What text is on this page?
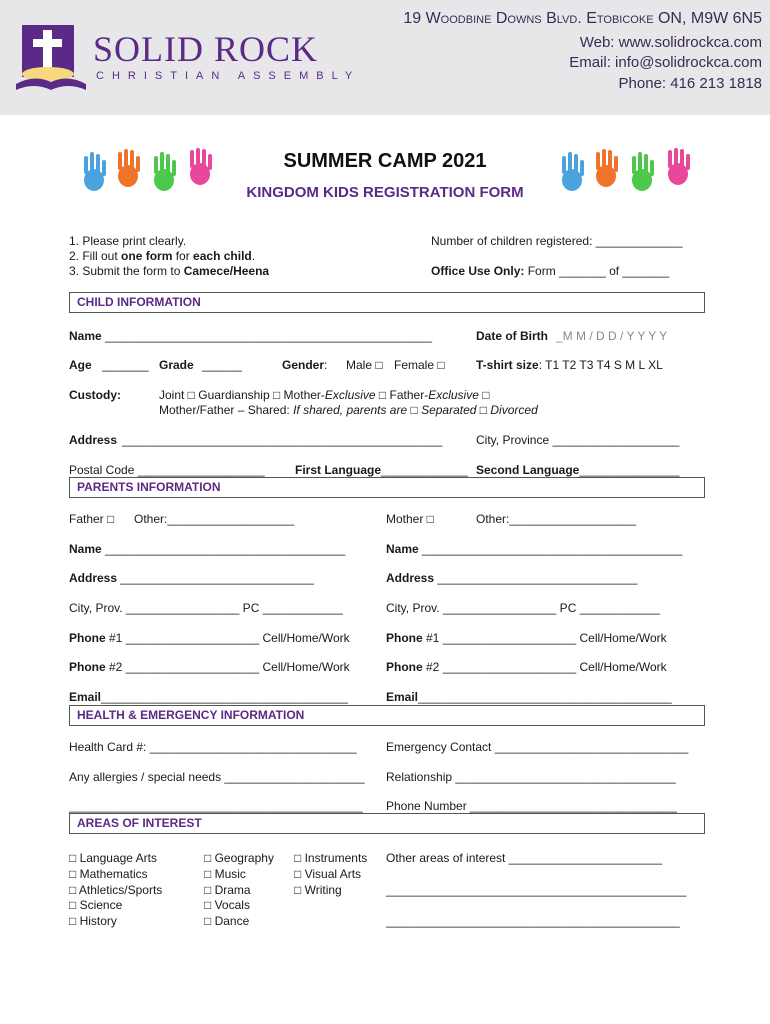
SOLID ROCK
CHRISTIAN ASSEMBLY
19 Woodbine Downs Blvd. Etobicoke ON, M9W 6N5
Web: www.solidrockca.com
Email: info@solidrockca.com
Phone: 416 213 1818
SUMMER CAMP 2021
KINGDOM KIDS REGISTRATION FORM
1. Please print clearly.
2. Fill out one form for each child.
3. Submit the form to Camece/Heena
Number of children registered: _____________
Office Use Only: Form _______ of _______
CHILD INFORMATION
Name _________________________________________________	Date of Birth _M M / D D / Y Y Y Y
Age _______ Grade ______	Gender: Male □ Female □	T-shirt size: T1 T2 T3 T4 S M L XL
Custody:	Joint □ Guardianship □ Mother-Exclusive □ Father-Exclusive □
Mother/Father – Shared: If shared, parents are □ Separated □ Divorced
Address ________________________________________________	City, Province ___________________
Postal Code ___________________	First Language_____________ Second Language_______________
PARENTS INFORMATION
Father □ Other:___________________	Mother □	Other:___________________
Name ____________________________________	Name _______________________________________
Address _____________________________	Address ______________________________
City, Prov. _________________ PC ____________	City, Prov. _________________ PC ____________
Phone #1 ____________________ Cell/Home/Work	Phone #1 ____________________ Cell/Home/Work
Phone #2 ____________________ Cell/Home/Work	Phone #2 ____________________ Cell/Home/Work
Email_____________________________________	Email______________________________________
HEALTH & EMERGENCY INFORMATION
Health Card #: _______________________________ Emergency Contact _____________________________
Any allergies / special needs _____________________ Relationship _________________________________
____________________________________________ Phone Number _______________________________
AREAS OF INTEREST
□ Language Arts
□ Mathematics
□ Athletics/Sports
□ Science
□ History
□ Geography
□ Music
□ Drama
□ Vocals
□ Dance
□ Instruments
□ Visual Arts
□ Writing
Other areas of interest _______________________
_____________________________________________
____________________________________________
